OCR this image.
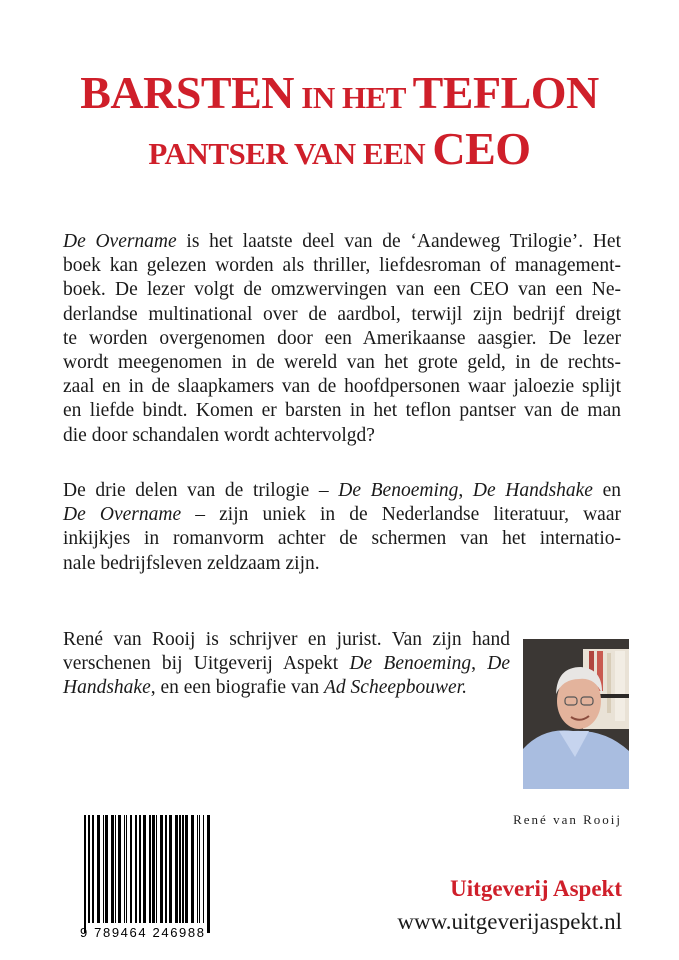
BARSTEN IN HET TEFLON
PANTSER VAN EEN CEO
De Overname is het laatste deel van de ‘Aandeweg Trilogie’. Het
boek kan gelezen worden als thriller, liefdesroman of management-
boek. De lezer volgt de omzwervingen van een CEO van een Ne-
derlandse multinational over de aardbol, terwijl zijn bedrijf dreigt
te worden overgenomen door een Amerikaanse aasgier. De lezer
wordt meegenomen in de wereld van het grote geld, in de rechts-
zaal en in de slaapkamers van de hoofdpersonen waar jaloezie splijt
en liefde bindt. Komen er barsten in het teflon pantser van de man
die door schandalen wordt achtervolgd?
De drie delen van de trilogie – De Benoeming, De Handshake en
De Overname – zijn uniek in de Nederlandse literatuur, waar
inkijkjes in romanvorm achter de schermen van het internatio-
nale bedrijfsleven zeldzaam zijn.
René van Rooij is schrijver en jurist. Van zijn hand
verschenen bij Uitgeverij Aspekt De Benoeming, De
Handshake, en een biografie van Ad Scheepbouwer.
René van Rooij
9 789464 246988
Uitgeverij Aspekt
www.uitgeverijaspekt.nl
